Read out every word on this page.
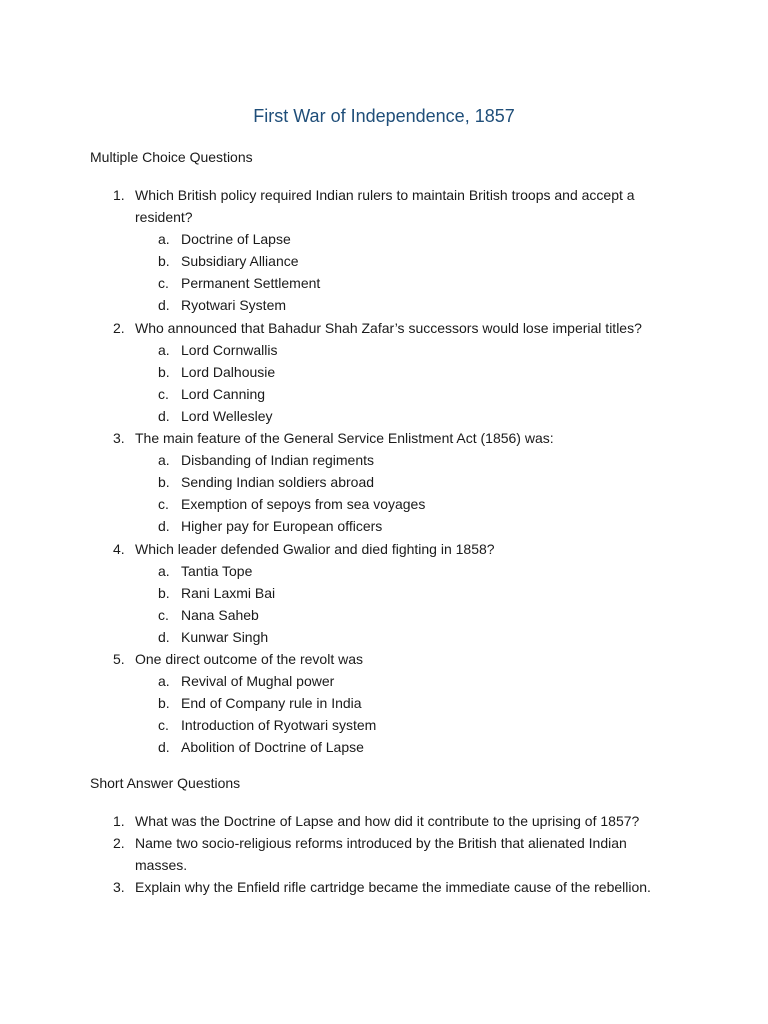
First War of Independence, 1857
Multiple Choice Questions
1. Which British policy required Indian rulers to maintain British troops and accept a resident?
a. Doctrine of Lapse
b. Subsidiary Alliance
c. Permanent Settlement
d. Ryotwari System
2. Who announced that Bahadur Shah Zafar’s successors would lose imperial titles?
a. Lord Cornwallis
b. Lord Dalhousie
c. Lord Canning
d. Lord Wellesley
3. The main feature of the General Service Enlistment Act (1856) was:
a. Disbanding of Indian regiments
b. Sending Indian soldiers abroad
c. Exemption of sepoys from sea voyages
d. Higher pay for European officers
4. Which leader defended Gwalior and died fighting in 1858?
a. Tantia Tope
b. Rani Laxmi Bai
c. Nana Saheb
d. Kunwar Singh
5. One direct outcome of the revolt was
a. Revival of Mughal power
b. End of Company rule in India
c. Introduction of Ryotwari system
d. Abolition of Doctrine of Lapse
Short Answer Questions
1. What was the Doctrine of Lapse and how did it contribute to the uprising of 1857?
2. Name two socio-religious reforms introduced by the British that alienated Indian masses.
3. Explain why the Enfield rifle cartridge became the immediate cause of the rebellion.
